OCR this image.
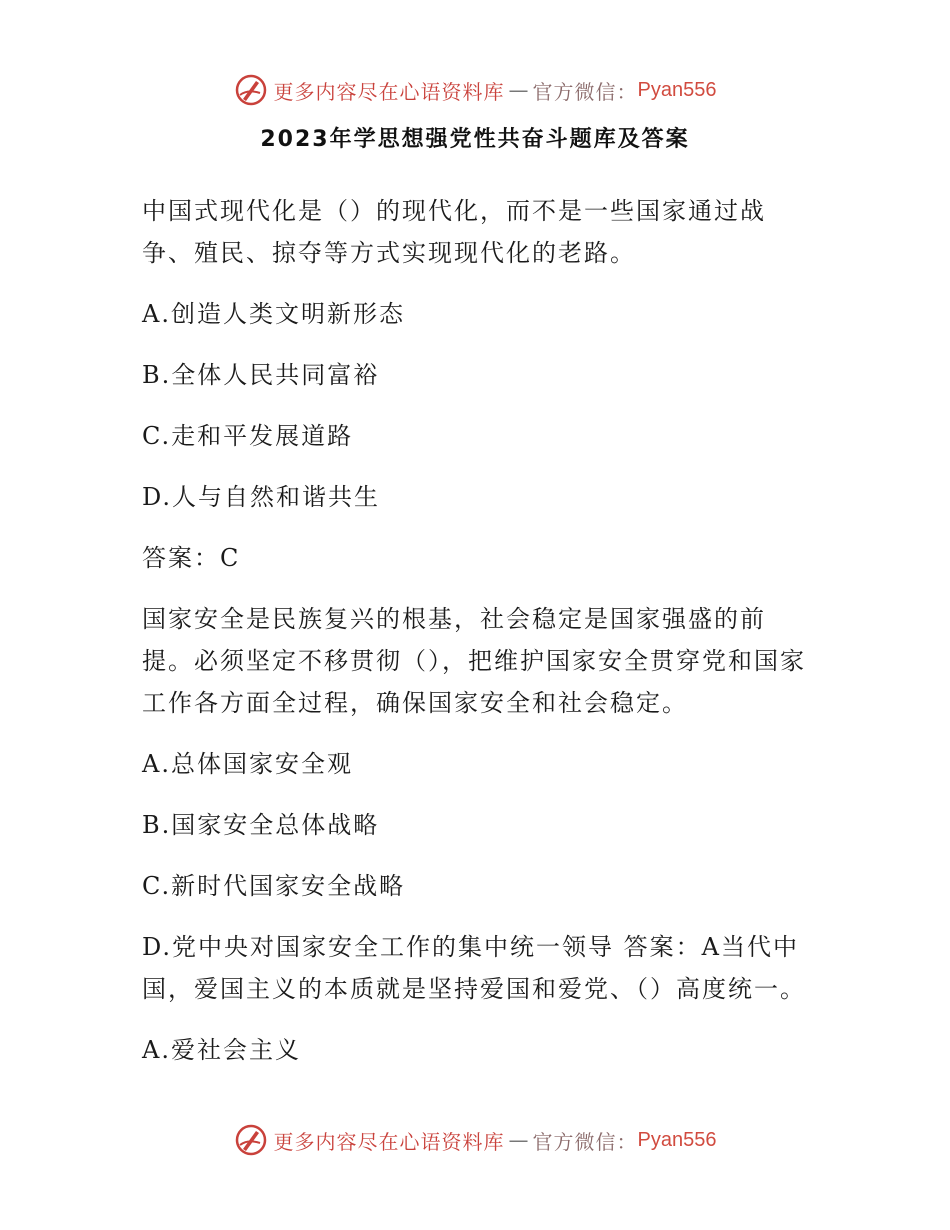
更多内容尽在心语资料库 — 官方微信： Pyan556
2023年学思想强党性共奋斗题库及答案
中国式现代化是（）的现代化，而不是一些国家通过战争、殖民、掠夺等方式实现现代化的老路。
A.创造人类文明新形态
B.全体人民共同富裕
C.走和平发展道路
D.人与自然和谐共生
答案：C
国家安全是民族复兴的根基，社会稳定是国家强盛的前提。必须坚定不移贯彻（），把维护国家安全贯穿党和国家工作各方面全过程，确保国家安全和社会稳定。
A.总体国家安全观
B.国家安全总体战略
C.新时代国家安全战略
D.党中央对国家安全工作的集中统一领导 答案：A当代中国，爱国主义的本质就是坚持爱国和爱党、（）高度统一。
A.爱社会主义
更多内容尽在心语资料库 — 官方微信： Pyan556
